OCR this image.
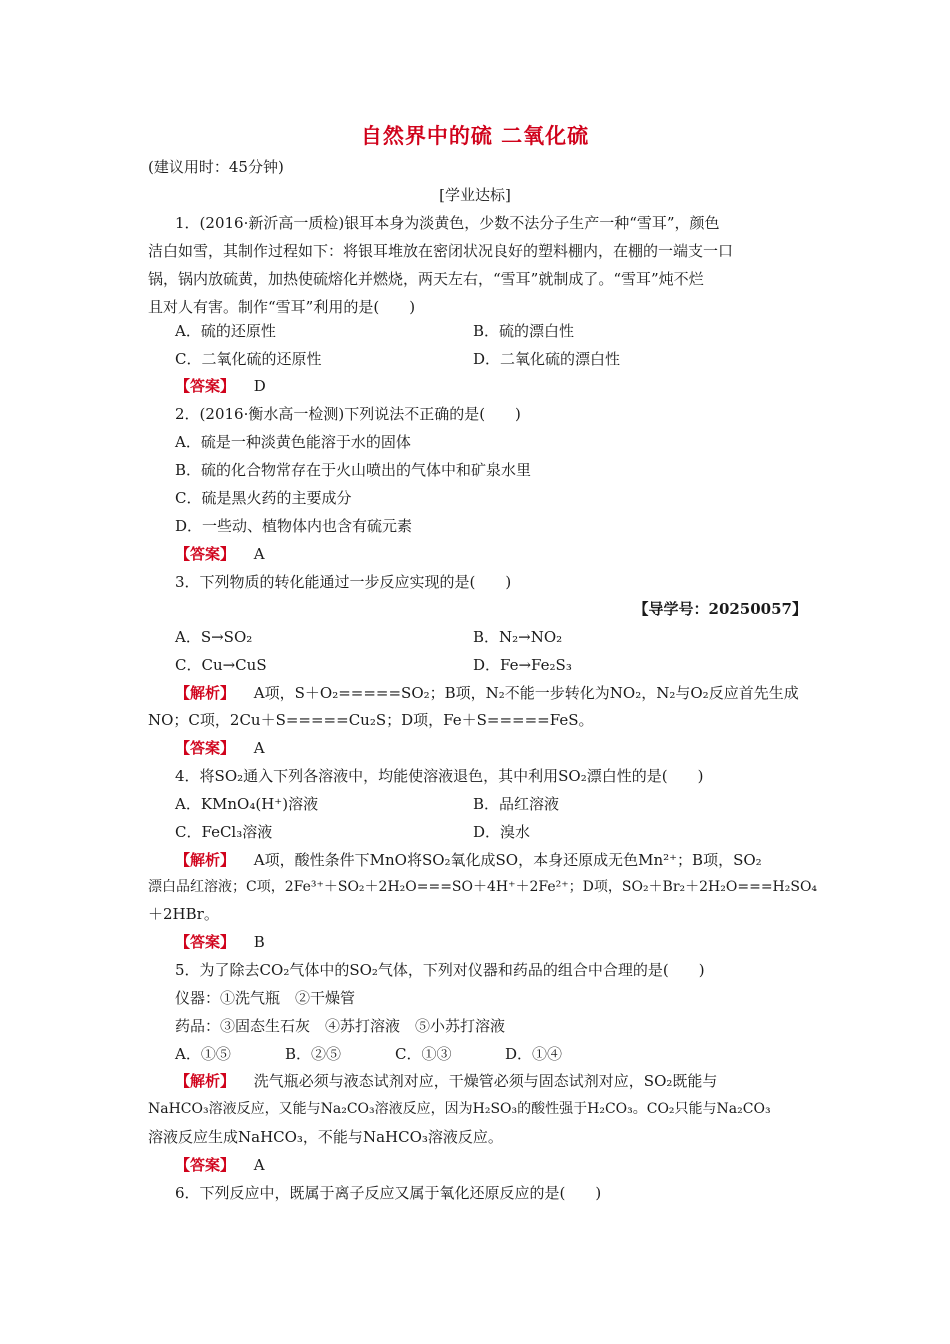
自然界中的硫 二氧化硫
(建议用时：45分钟)
[学业达标]
1．(2016·新沂高一质检)银耳本身为淡黄色，少数不法分子生产一种“雪耳”，颜色
洁白如雪，其制作过程如下：将银耳堆放在密闭状况良好的塑料棚内，在棚的一端支一口
锅，锅内放硫黄，加热使硫熔化并燃烧，两天左右，“雪耳”就制成了。“雪耳”炖不烂
且对人有害。制作“雪耳”利用的是(　　)
A．硫的还原性	B．硫的漂白性
C．二氧化硫的还原性	D．二氧化硫的漂白性
【答案】 D
2．(2016·衡水高一检测)下列说法不正确的是(　　)
A．硫是一种淡黄色能溶于水的固体
B．硫的化合物常存在于火山喷出的气体中和矿泉水里
C．硫是黑火药的主要成分
D．一些动、植物体内也含有硫元素
【答案】 A
3．下列物质的转化能通过一步反应实现的是(　　)
【导学号：20250057】
A．S→SO₂	B．N₂→NO₂
C．Cu→CuS	D．Fe→Fe₂S₃
【解析】 A项，S＋O₂=====SO₂；B项，N₂不能一步转化为NO₂，N₂与O₂反应首先生成
NO；C项，2Cu＋S=====Cu₂S；D项，Fe＋S=====FeS。
【答案】 A
4．将SO₂通入下列各溶液中，均能使溶液退色，其中利用SO₂漂白性的是(　　)
A．KMnO₄(H⁺)溶液	B．品红溶液
C．FeCl₃溶液	D．溴水
【解析】 A项，酸性条件下MnO将SO₂氧化成SO，本身还原成无色Mn²⁺；B项，SO₂
漂白品红溶液；C项，2Fe³⁺＋SO₂＋2H₂O===SO＋4H⁺＋2Fe²⁺；D项，SO₂＋Br₂＋2H₂O===H₂SO₄
＋2HBr。
【答案】 B
5．为了除去CO₂气体中的SO₂气体，下列对仪器和药品的组合中合理的是(　　)
仪器：①洗气瓶　②干燥管
药品：③固态生石灰　④苏打溶液　⑤小苏打溶液
A．①⑤	B．②⑤	C．①③	D．①④
【解析】 洗气瓶必须与液态试剂对应，干燥管必须与固态试剂对应，SO₂既能与
NaHCO₃溶液反应，又能与Na₂CO₃溶液反应，因为H₂SO₃的酸性强于H₂CO₃。CO₂只能与Na₂CO₃
溶液反应生成NaHCO₃，不能与NaHCO₃溶液反应。
【答案】 A
6．下列反应中，既属于离子反应又属于氧化还原反应的是(　　)
